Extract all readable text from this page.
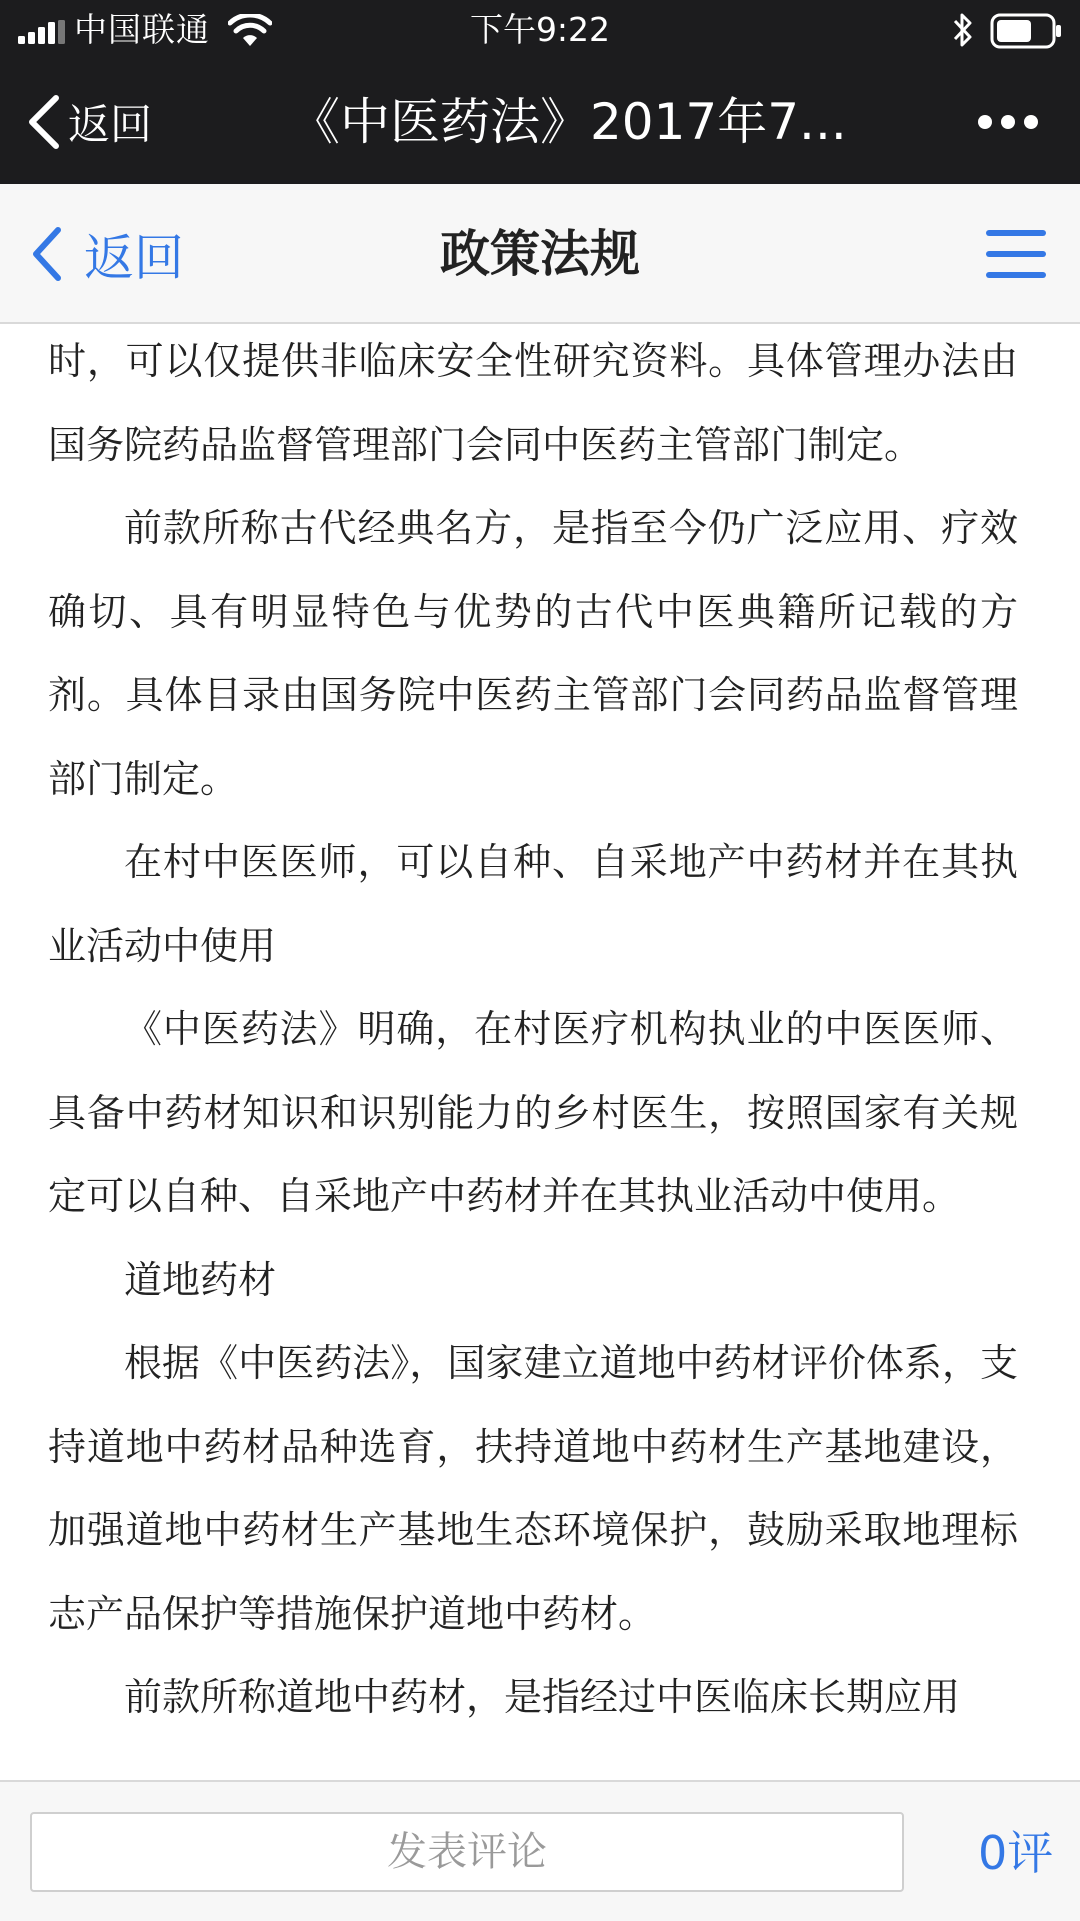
中国联通	下午9:22
返回	《中医药法》2017年7...
返回	政策法规

时，可以仅提供非临床安全性研究资料。具体管理办法由国务院药品监督管理部门会同中医药主管部门制定。

前款所称古代经典名方，是指至今仍广泛应用、疗效确切、具有明显特色与优势的古代中医典籍所记载的方剂。具体目录由国务院中医药主管部门会同药品监督管理部门制定。

在村中医医师，可以自种、自采地产中药材并在其执业活动中使用

《中医药法》明确，在村医疗机构执业的中医医师、具备中药材知识和识别能力的乡村医生，按照国家有关规定可以自种、自采地产中药材并在其执业活动中使用。

道地药材

根据《中医药法》，国家建立道地中药材评价体系，支持道地中药材品种选育，扶持道地中药材生产基地建设，加强道地中药材生产基地生态环境保护，鼓励采取地理标志产品保护等措施保护道地中药材。

前款所称道地中药材，是指经过中医临床长期应用

发表评论
0评
